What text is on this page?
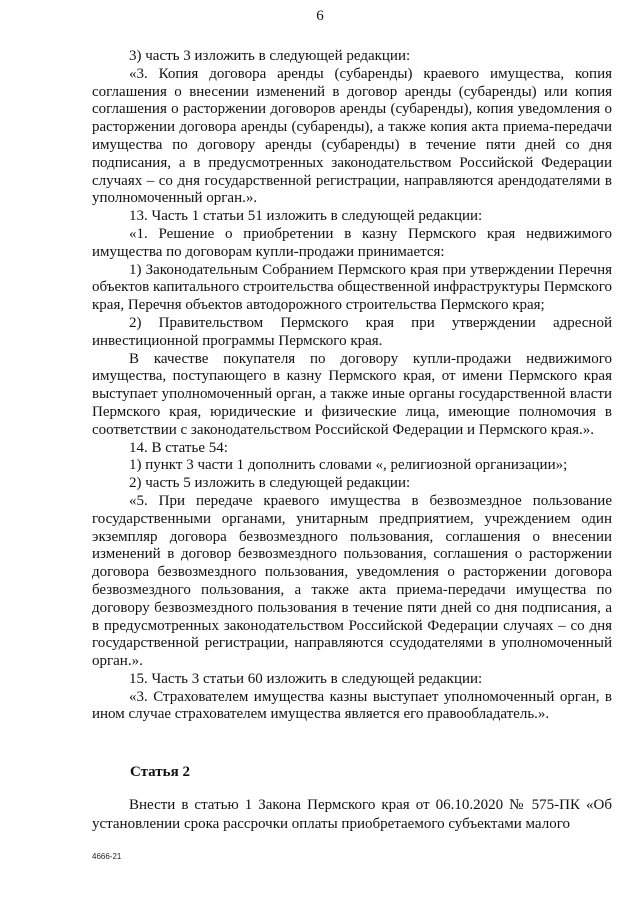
6

3) часть 3 изложить в следующей редакции:

«3. Копия договора аренды (субаренды) краевого имущества, копия соглашения о внесении изменений в договор аренды (субаренды) или копия соглашения о расторжении договоров аренды (субаренды), копия уведомления о расторжении договора аренды (субаренды), а также копия акта приема-передачи имущества по договору аренды (субаренды) в течение пяти дней со дня подписания, а в предусмотренных законодательством Российской Федерации случаях – со дня государственной регистрации, направляются арендодателями в уполномоченный орган.».

13. Часть 1 статьи 51 изложить в следующей редакции:

«1. Решение о приобретении в казну Пермского края недвижимого имущества по договорам купли-продажи принимается:

1) Законодательным Собранием Пермского края при утверждении Перечня объектов капитального строительства общественной инфраструктуры Пермского края, Перечня объектов автодорожного строительства Пермского края;

2) Правительством Пермского края при утверждении адресной инвестиционной программы Пермского края.

В качестве покупателя по договору купли-продажи недвижимого имущества, поступающего в казну Пермского края, от имени Пермского края выступает уполномоченный орган, а также иные органы государственной власти Пермского края, юридические и физические лица, имеющие полномочия в соответствии с законодательством Российской Федерации и Пермского края.».

14. В статье 54:

1) пункт 3 части 1 дополнить словами «, религиозной организации»;

2) часть 5 изложить в следующей редакции:

«5. При передаче краевого имущества в безвозмездное пользование государственными органами, унитарным предприятием, учреждением один экземпляр договора безвозмездного пользования, соглашения о внесении изменений в договор безвозмездного пользования, соглашения о расторжении договора безвозмездного пользования, уведомления о расторжении договора безвозмездного пользования, а также акта приема-передачи имущества по договору безвозмездного пользования в течение пяти дней со дня подписания, а в предусмотренных законодательством Российской Федерации случаях – со дня государственной регистрации, направляются ссудодателями в уполномоченный орган.».

15. Часть 3 статьи 60 изложить в следующей редакции:

«3. Страхователем имущества казны выступает уполномоченный орган, в ином случае страхователем имущества является его правообладатель.».

Статья 2

Внести в статью 1 Закона Пермского края от 06.10.2020 № 575-ПК «Об установлении срока рассрочки оплаты приобретаемого субъектами малого

4666-21
